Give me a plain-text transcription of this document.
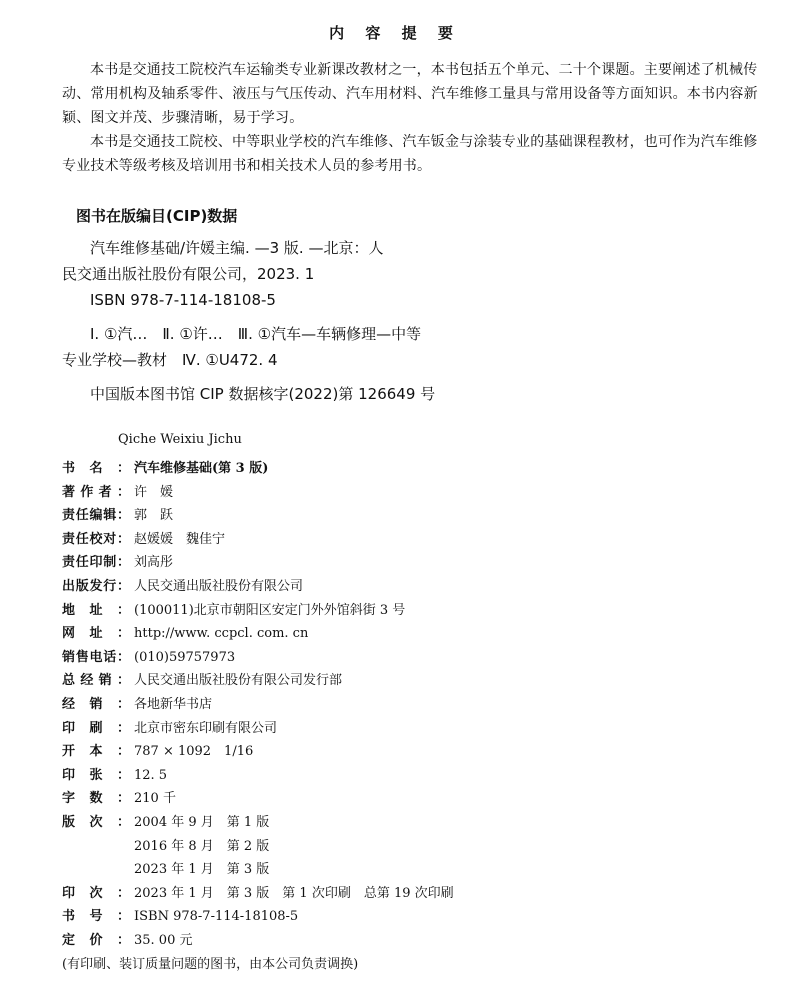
内 容 提 要

本书是交通技工院校汽车运输类专业新课改教材之一，本书包括五个单元、二十个课题。主要阐述了机械传动、常用机构及轴系零件、液压与气压传动、汽车用材料、汽车维修工量具与常用设备等方面知识。本书内容新颖、图文并茂、步骤清晰，易于学习。

本书是交通技工院校、中等职业学校的汽车维修、汽车钣金与涂装专业的基础课程教材，也可作为汽车维修专业技术等级考核及培训用书和相关技术人员的参考用书。

图书在版编目(CIP)数据

汽车维修基础/许媛主编. —3 版. —北京：人

民交通出版社股份有限公司，2023. 1

ISBN 978-7-114-18108-5

Ⅰ. ①汽…　Ⅱ. ①许…　Ⅲ. ①汽车—车辆修理—中等

专业学校—教材　Ⅳ. ①U472. 4

中国版本图书馆 CIP 数据核字(2022)第 126649 号

Qiche Weixiu Jichu
书 名 ： 汽车维修基础(第 3 版)
著 作 者 ： 许　媛
责 任 编 辑 ： 郭　跃
责 任 校 对 ： 赵媛媛　魏佳宁
责 任 印 制 ： 刘高彤
出 版 发 行 ： 人民交通出版社股份有限公司
地 址 ： (100011)北京市朝阳区安定门外外馆斜街 3 号
网 址 ： http://www. ccpcl. com. cn
销 售 电 话 ： (010)59757973
总 经 销 ： 人民交通出版社股份有限公司发行部
经 销 ： 各地新华书店
印 刷 ： 北京市密东印刷有限公司
开 本 ： 787 × 1092　1/16
印 张 ： 12. 5
字 数 ： 210 千
版 次 ： 2004 年 9 月　第 1 版
2016 年 8 月　第 2 版
2023 年 1 月　第 3 版
印 次 ： 2023 年 1 月　第 3 版　第 1 次印刷　总第 19 次印刷
书 号 ： ISBN 978-7-114-18108-5
定 价 ： 35. 00 元
(有印刷、装订质量问题的图书，由本公司负责调换)
